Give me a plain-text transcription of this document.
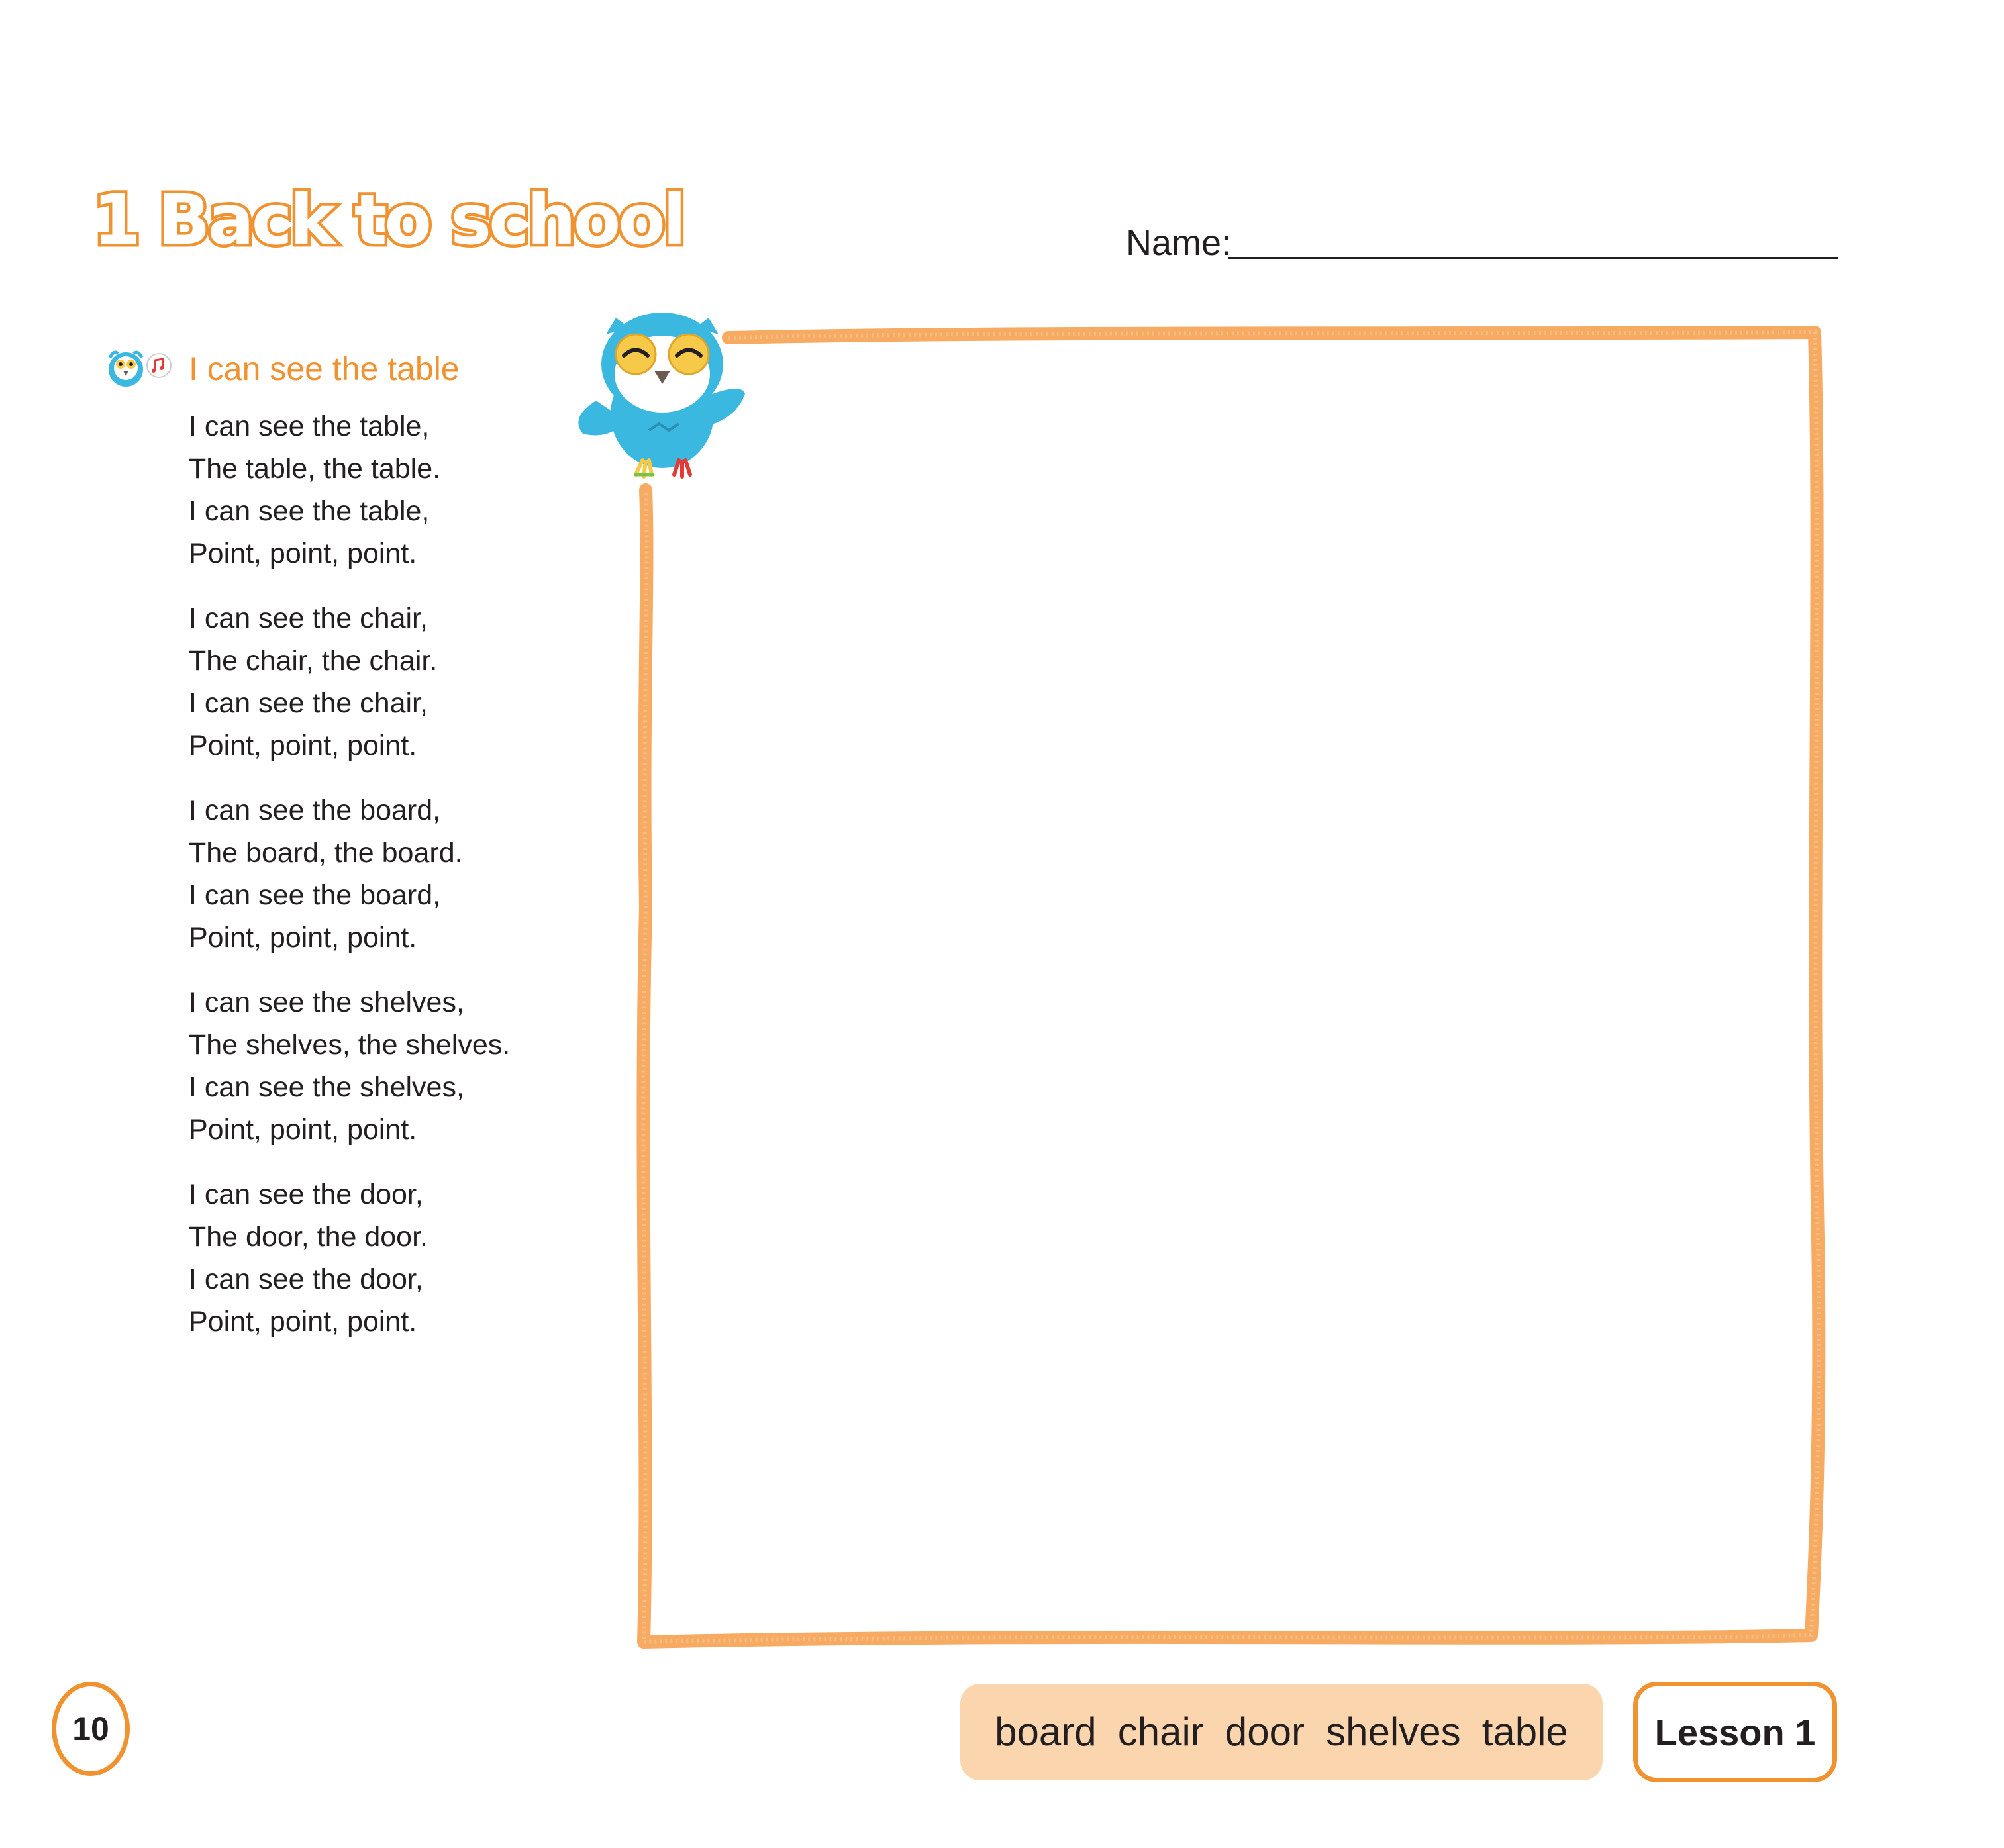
1 Back to school	Name:
I can see the table
I can see the table,
The table, the table.
I can see the table,
Point, point, point.
I can see the chair,
The chair, the chair.
I can see the chair,
Point, point, point.
I can see the board,
The board, the board.
I can see the board,
Point, point, point.
I can see the shelves,
The shelves, the shelves.
I can see the shelves,
Point, point, point.
I can see the door,
The door, the door.
I can see the door,
Point, point, point.
10	board chair door shelves table	Lesson 1
